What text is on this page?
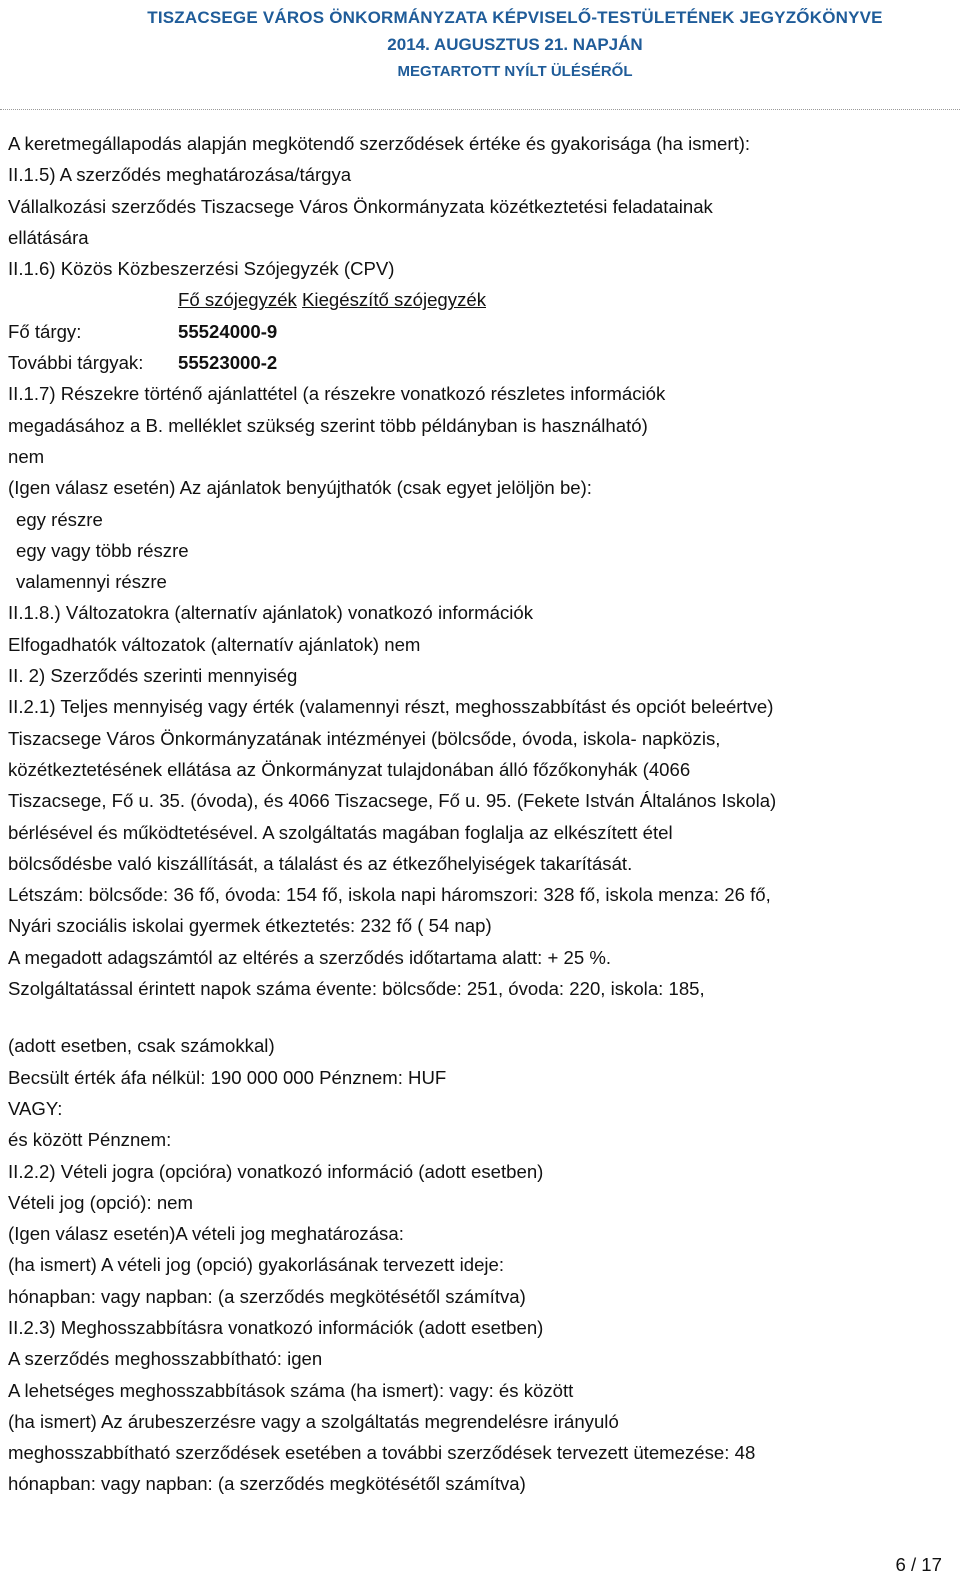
TISZACSEGE VÁROS ÖNKORMÁNYZATA KÉPVISELŐ-TESTÜLETÉNEK JEGYZŐKÖNYVE
2014. AUGUSZTUS 21. NAPJÁN
MEGTARTOTT NYÍLT ÜLÉSÉRŐL
A keretmegállapodás alapján megkötendő szerződések értéke és gyakorisága (ha ismert):
II.1.5) A szerződés meghatározása/tárgya
Vállalkozási szerződés Tiszacsege Város Önkormányzata közétkeztetési feladatainak
ellátására
II.1.6) Közös Közbeszerzési Szójegyzék (CPV)
Fő szójegyzék Kiegészítő szójegyzék
Fő tárgy:	55524000-9
További tárgyak:	55523000-2
II.1.7) Részekre történő ajánlattétel (a részekre vonatkozó részletes információk
megadásához a B. melléklet szükség szerint több példányban is használható)
nem
(Igen válasz esetén) Az ajánlatok benyújthatók (csak egyet jelöljön be):
egy részre
egy vagy több részre
valamennyi részre
II.1.8.) Változatokra (alternatív ajánlatok) vonatkozó információk
Elfogadhatók változatok (alternatív ajánlatok) nem
II. 2) Szerződés szerinti mennyiség
II.2.1) Teljes mennyiség vagy érték (valamennyi részt, meghosszabbítást és opciót beleértve)
Tiszacsege Város Önkormányzatának intézményei (bölcsőde, óvoda, iskola- napközis,
közétkeztetésének ellátása az Önkormányzat tulajdonában álló főzőkonyhák (4066
Tiszacsege, Fő u. 35. (óvoda), és 4066 Tiszacsege, Fő u. 95. (Fekete István Általános Iskola)
bérlésével és működtetésével. A szolgáltatás magában foglalja az elkészített étel
bölcsődésbe való kiszállítását, a tálalást és az étkezőhelyiségek takarítását.
Létszám: bölcsőde: 36 fő, óvoda: 154 fő, iskola napi háromszori: 328 fő, iskola menza: 26 fő,
Nyári szociális iskolai gyermek étkeztetés: 232 fő ( 54 nap)
A megadott adagszámtól az eltérés a szerződés időtartama alatt: + 25 %.
Szolgáltatással érintett napok száma évente: bölcsőde: 251, óvoda: 220, iskola: 185,
(adott esetben, csak számokkal)
Becsült érték áfa nélkül: 190 000 000 Pénznem: HUF
VAGY:
és között Pénznem:
II.2.2) Vételi jogra (opcióra) vonatkozó információ (adott esetben)
Vételi jog (opció): nem
(Igen válasz esetén)A vételi jog meghatározása:
(ha ismert) A vételi jog (opció) gyakorlásának tervezett ideje:
hónapban: vagy napban: (a szerződés megkötésétől számítva)
II.2.3) Meghosszabbításra vonatkozó információk (adott esetben)
A szerződés meghosszabbítható: igen
A lehetséges meghosszabbítások száma (ha ismert): vagy: és között
(ha ismert) Az árubeszerzésre vagy a szolgáltatás megrendelésre irányuló
meghosszabbítható szerződések esetében a további szerződések tervezett ütemezése: 48
hónapban: vagy napban: (a szerződés megkötésétől számítva)
6 / 17
